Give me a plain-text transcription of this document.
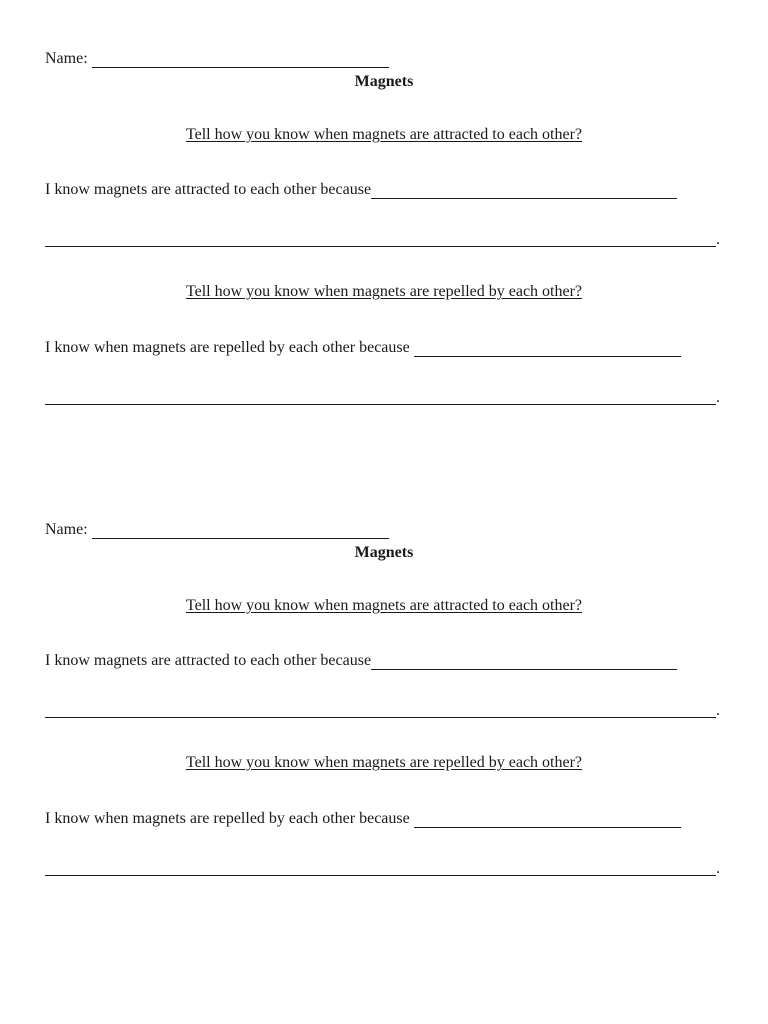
Name:
Magnets
Tell how you know when magnets are attracted to each other?
I know magnets are attracted to each other because
.
Tell how you know when magnets are repelled by each other?
I know when magnets are repelled by each other because
.
Name:
Magnets
Tell how you know when magnets are attracted to each other?
I know magnets are attracted to each other because
.
Tell how you know when magnets are repelled by each other?
I know when magnets are repelled by each other because
.
